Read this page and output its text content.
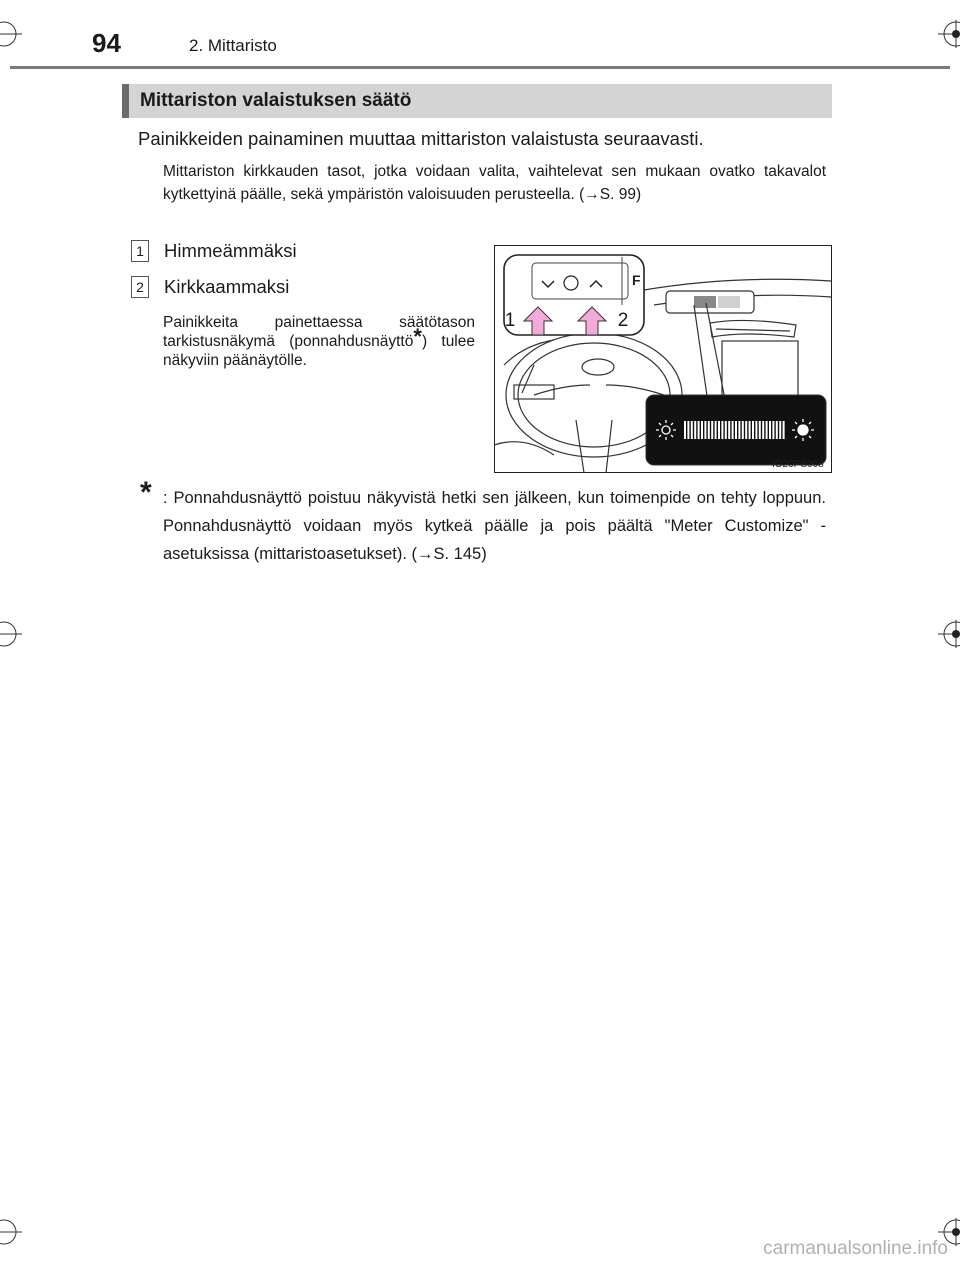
94	2. Mittaristo
Mittariston valaistuksen säätö
Painikkeiden painaminen muuttaa mittariston valaistusta seuraavasti.
Mittariston kirkkauden tasot, jotka voidaan valita, vaihtelevat sen mukaan ovatko takavalot kytkettyinä päälle, sekä ympäristön valoisuuden perusteella. (→S. 99)
1 Himmeämmäksi
2 Kirkkaammaksi
Painikkeita painettaessa säätötason tarkistusnäkymä (ponnahdusnäyttö*) tulee näkyviin päänäytölle.
F
1	2
IO20PS008
* : Ponnahdusnäyttö poistuu näkyvistä hetki sen jälkeen, kun toimenpide on tehty loppuun. Ponnahdusnäyttö voidaan myös kytkeä päälle ja pois päältä "Meter Customize" -asetuksissa (mittaristoasetukset). (→S. 145)
carmanualsonline.info
